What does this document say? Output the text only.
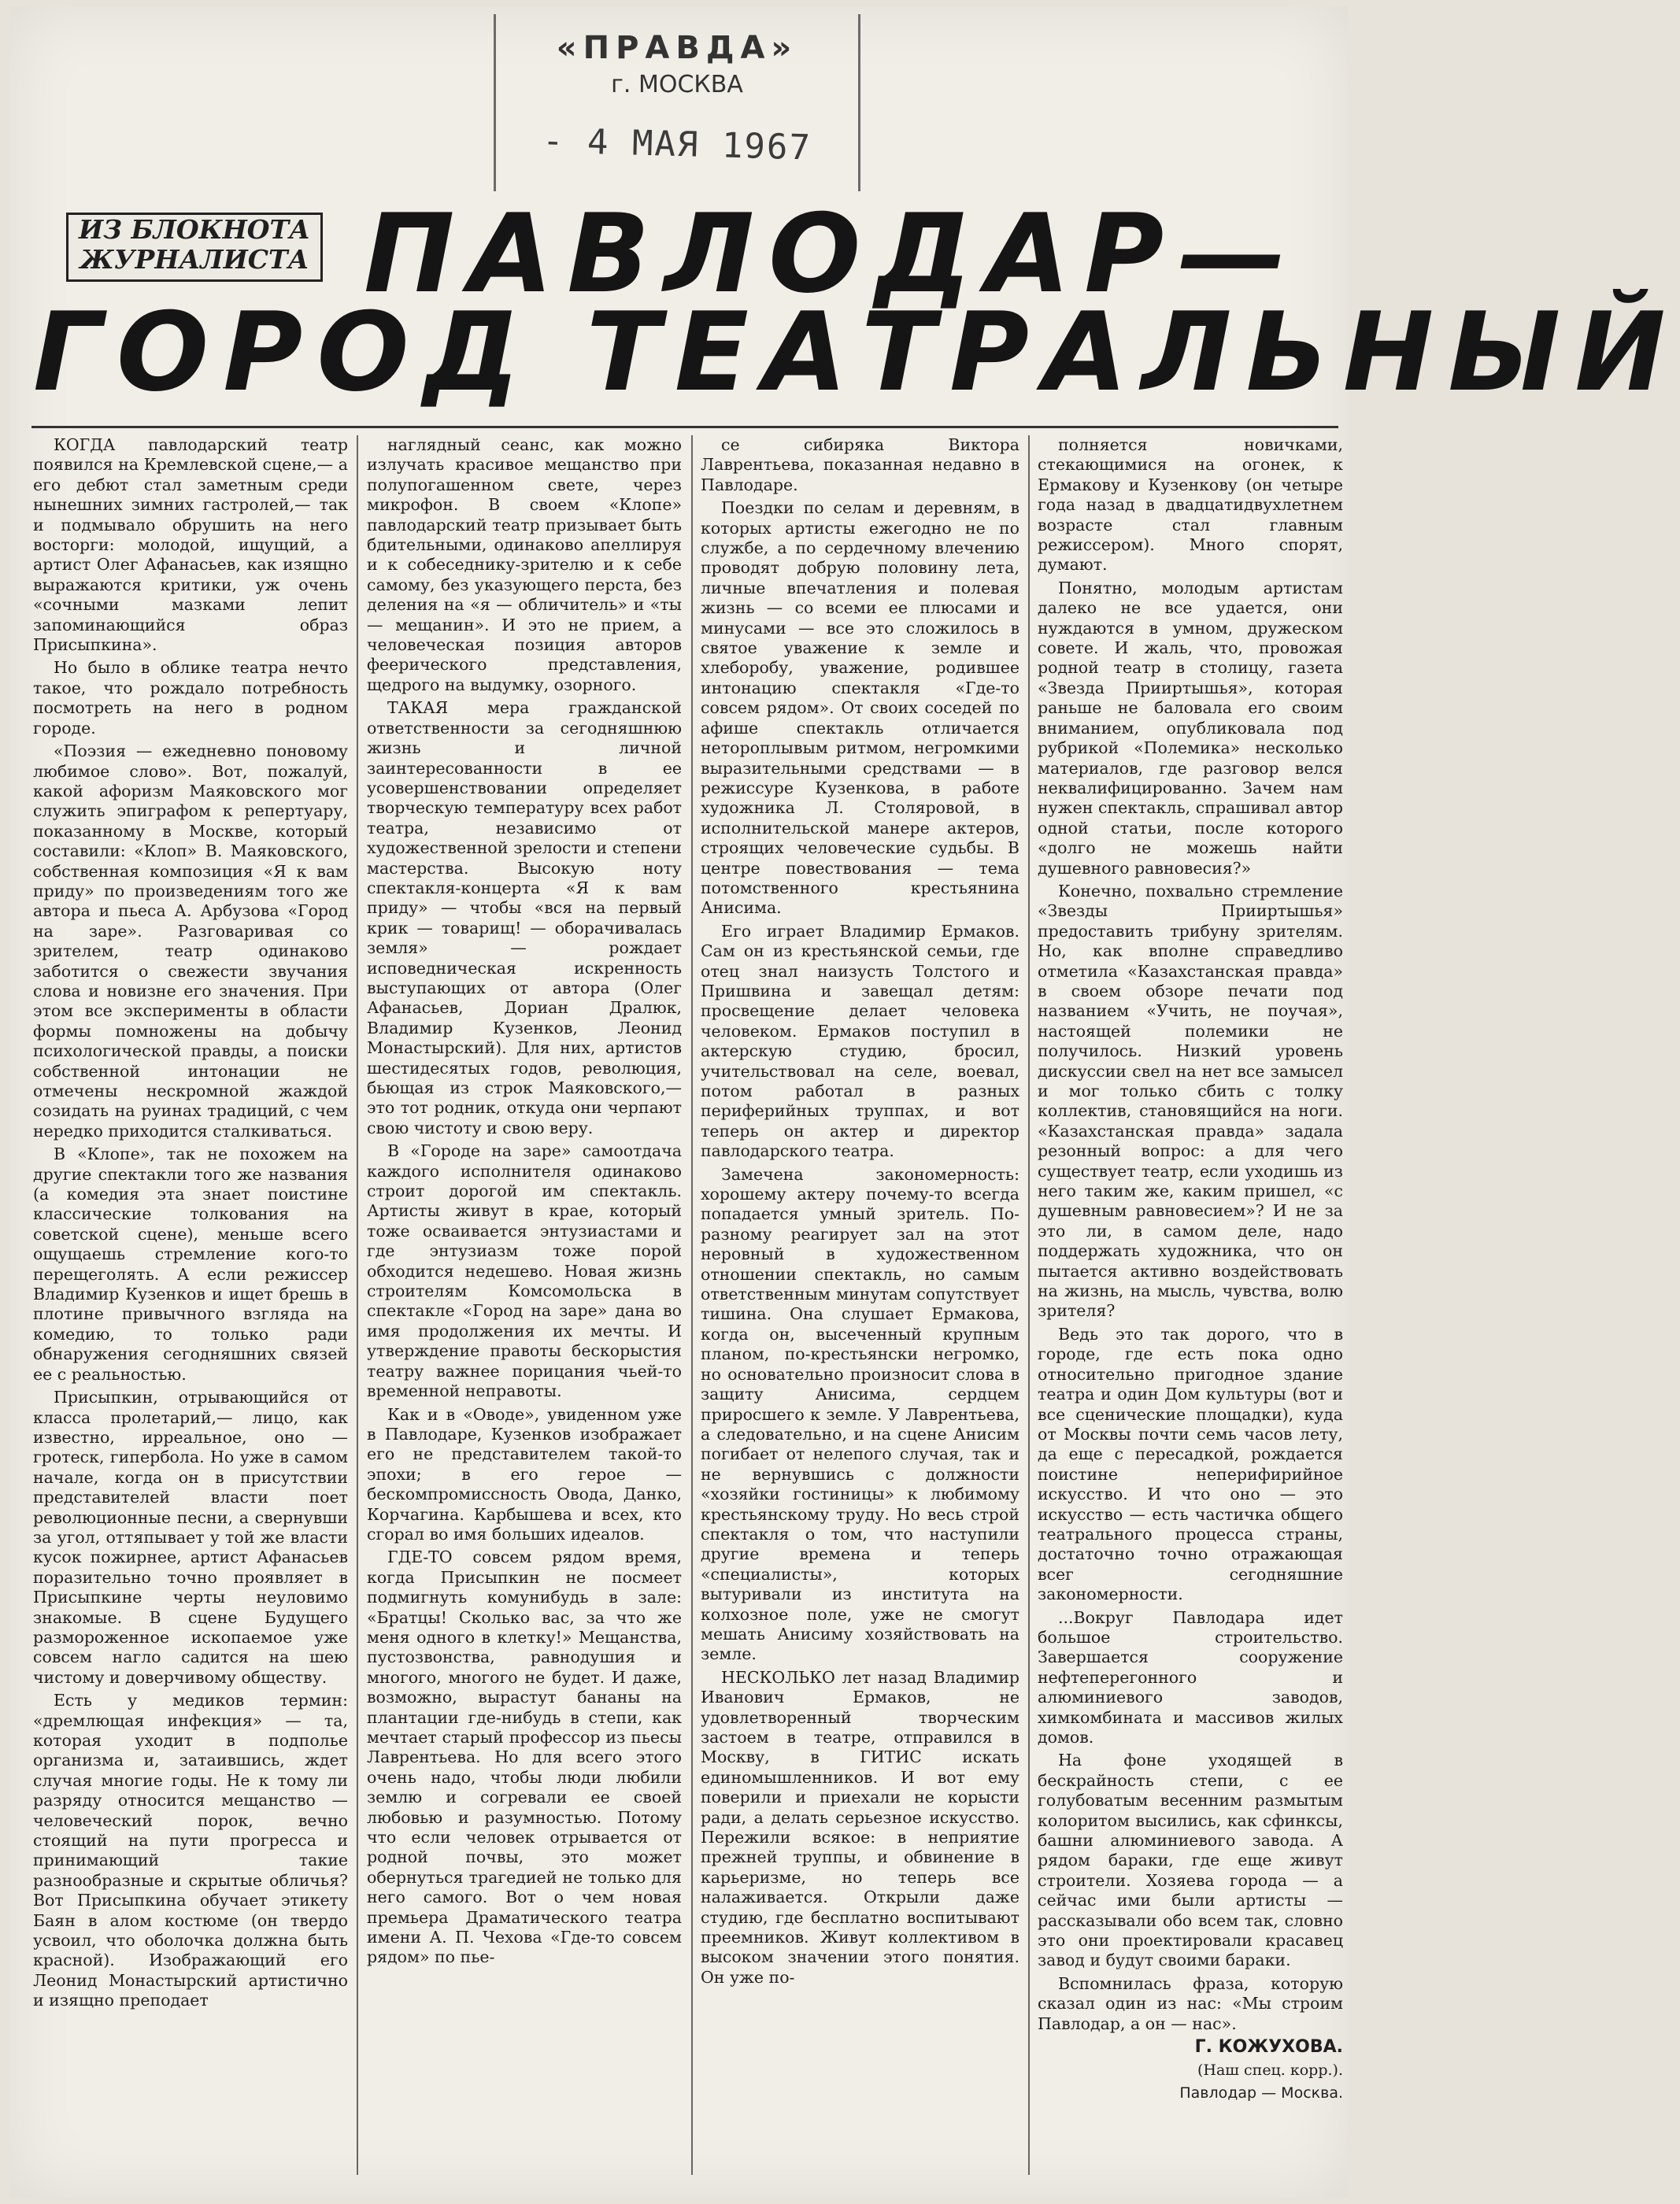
«ПРАВДА»
г. МОСКВА
- 4 МАЯ 1967
ИЗ БЛОКНОТА
ЖУРНАЛИСТА ПАВЛОДАР—
ГОРОД ТЕАТРАЛЬНЫЙ

КОГДА павлодарский театр появился на Кремлевской сцене,— а его дебют стал заметным среди нынешних зимних гастролей,— так и подмывало обрушить на него восторги: молодой, ищущий, а артист Олег Афанасьев, как изящно выражаются критики, уж очень «сочными мазками лепит запоминающийся образ Присыпкина».

Но было в облике театра нечто такое, что рождало потребность посмотреть на него в родном городе.

«Поэзия — ежедневно поновому любимое слово». Вот, пожалуй, какой афоризм Маяковского мог служить эпиграфом к репертуару, показанному в Москве, который составили: «Клоп» В. Маяковского, собственная композиция «Я к вам приду» по произведениям того же автора и пьеса А. Арбузова «Город на заре». Разговаривая со зрителем, театр одинаково заботится о свежести звучания слова и новизне его значения. При этом все эксперименты в области формы помножены на добычу психологической правды, а поиски собственной интонации не отмечены нескромной жаждой созидать на руинах традиций, с чем нередко приходится сталкиваться.

В «Клопе», так не похожем на другие спектакли того же названия (а комедия эта знает поистине классические толкования на советской сцене), меньше всего ощущаешь стремление кого-то перещеголять. А если режиссер Владимир Кузенков и ищет брешь в плотине привычного взгляда на комедию, то только ради обнаружения сегодняшних связей ее с реальностью.

Присыпкин, отрывающийся от класса пролетарий,— лицо, как известно, ирреальное, оно — гротеск, гипербола. Но уже в самом начале, когда он в присутствии представителей власти поет революционные песни, а свернувши за угол, оттяпывает у той же власти кусок пожирнее, артист Афанасьев поразительно точно проявляет в Присыпкине черты неуловимо знакомые. В сцене Будущего размороженное ископаемое уже совсем нагло садится на шею чистому и доверчивому обществу.

Есть у медиков термин: «дремлющая инфекция» — та, которая уходит в подполье организма и, затаившись, ждет случая многие годы. Не к тому ли разряду относится мещанство — человеческий порок, вечно стоящий на пути прогресса и принимающий такие разнообразные и скрытые обличья? Вот Присыпкина обучает этикету Баян в алом костюме (он твердо усвоил, что оболочка должна быть красной). Изображающий его Леонид Монастырский артистично и изящно преподает

наглядный сеанс, как можно излучать красивое мещанство при полупогашенном свете, через микрофон. В своем «Клопе» павлодарский театр призывает быть бдительными, одинаково апеллируя и к собеседнику-зрителю и к себе самому, без указующего перста, без деления на «я — обличитель» и «ты — мещанин». И это не прием, а человеческая позиция авторов феерического представления, щедрого на выдумку, озорного.

ТАКАЯ мера гражданской ответственности за сегодняшнюю жизнь и личной заинтересованности в ее усовершенствовании определяет творческую температуру всех работ театра, независимо от художественной зрелости и степени мастерства. Высокую ноту спектакля-концерта «Я к вам приду» — чтобы «вся на первый крик — товарищ! — оборачивалась земля» — рождает исповедническая искренность выступающих от автора (Олег Афанасьев, Дориан Дралюк, Владимир Кузенков, Леонид Монастырский). Для них, артистов шестидесятых годов, революция, бьющая из строк Маяковского,— это тот родник, откуда они черпают свою чистоту и свою веру.

В «Городе на заре» самоотдача каждого исполнителя одинаково строит дорогой им спектакль. Артисты живут в крае, который тоже осваивается энтузиастами и где энтузиазм тоже порой обходится недешево. Новая жизнь строителям Комсомольска в спектакле «Город на заре» дана во имя продолжения их мечты. И утверждение правоты бескорыстия театру важнее порицания чьей-то временной неправоты.

Как и в «Оводе», увиденном уже в Павлодаре, Кузенков изображает его не представителем такой-то эпохи; в его герое — бескомпромиссность Овода, Данко, Корчагина. Карбышева и всех, кто сгорал во имя больших идеалов.

ГДЕ-ТО совсем рядом время, когда Присыпкин не посмеет подмигнуть комунибудь в зале: «Братцы! Сколько вас, за что же меня одного в клетку!» Мещанства, пустозвонства, равнодушия и многого, многого не будет. И даже, возможно, вырастут бананы на плантации где-нибудь в степи, как мечтает старый профессор из пьесы Лаврентьева. Но для всего этого очень надо, чтобы люди любили землю и согревали ее своей любовью и разумностью. Потому что если человек отрывается от родной почвы, это может обернуться трагедией не только для него самого. Вот о чем новая премьера Драматического театра имени А. П. Чехова «Где-то совсем рядом» по пье-

се сибиряка Виктора Лаврентьева, показанная недавно в Павлодаре.

Поездки по селам и деревням, в которых артисты ежегодно не по службе, а по сердечному влечению проводят добрую половину лета, личные впечатления и полевая жизнь — со всеми ее плюсами и минусами — все это сложилось в святое уважение к земле и хлеборобу, уважение, родившее интонацию спектакля «Где-то совсем рядом». От своих соседей по афише спектакль отличается нетороплывым ритмом, негромкими выразительными средствами — в режиссуре Кузенкова, в работе художника Л. Столяровой, в исполнительской манере актеров, строящих человеческие судьбы. В центре повествования — тема потомственного крестьянина Анисима.

Его играет Владимир Ермаков. Сам он из крестьянской семьи, где отец знал наизусть Толстого и Пришвина и завещал детям: просвещение делает человека человеком. Ермаков поступил в актерскую студию, бросил, учительствовал на селе, воевал, потом работал в разных периферийных труппах, и вот теперь он актер и директор павлодарского театра.

Замечена закономерность: хорошему актеру почему-то всегда попадается умный зритель. По-разному реагирует зал на этот неровный в художественном отношении спектакль, но самым ответственным минутам сопутствует тишина. Она слушает Ермакова, когда он, высеченный крупным планом, по-крестьянски негромко, но основательно произносит слова в защиту Анисима, сердцем приросшего к земле. У Лаврентьева, а следовательно, и на сцене Анисим погибает от нелепого случая, так и не вернувшись с должности «хозяйки гостиницы» к любимому крестьянскому труду. Но весь строй спектакля о том, что наступили другие времена и теперь «специалисты», которых вытуривали из института на колхозное поле, уже не смогут мешать Анисиму хозяйствовать на земле.

НЕСКОЛЬКО лет назад Владимир Иванович Ермаков, не удовлетворенный творческим застоем в театре, отправился в Москву, в ГИТИС искать единомышленников. И вот ему поверили и приехали не корысти ради, а делать серьезное искусство. Пережили всякое: в неприятие прежней труппы, и обвинение в карьеризме, но теперь все налаживается. Открыли даже студию, где бесплатно воспитывают преемников. Живут коллективом в высоком значении этого понятия. Он уже по-

полняется новичками, стекающимися на огонек, к Ермакову и Кузенкову (он четыре года назад в двадцатидвухлетнем возрасте стал главным режиссером). Много спорят, думают.

Понятно, молодым артистам далеко не все удается, они нуждаются в умном, дружеском совете. И жаль, что, провожая родной театр в столицу, газета «Звезда Прииртышья», которая раньше не баловала его своим вниманием, опубликовала под рубрикой «Полемика» несколько материалов, где разговор велся неквалифицированно. Зачем нам нужен спектакль, спрашивал автор одной статьи, после которого «долго не можешь найти душевного равновесия?»

Конечно, похвально стремление «Звезды Прииртышья» предоставить трибуну зрителям. Но, как вполне справедливо отметила «Казахстанская правда» в своем обзоре печати под названием «Учить, не поучая», настоящей полемики не получилось. Низкий уровень дискуссии свел на нет все замысел и мог только сбить с толку коллектив, становящийся на ноги. «Казахстанская правда» задала резонный вопрос: а для чего существует театр, если уходишь из него таким же, каким пришел, «с душевным равновесием»? И не за это ли, в самом деле, надо поддержать художника, что он пытается активно воздействовать на жизнь, на мысль, чувства, волю зрителя?

Ведь это так дорого, что в городе, где есть пока одно относительно пригодное здание театра и один Дом культуры (вот и все сценические площадки), куда от Москвы почти семь часов лету, да еще с пересадкой, рождается поистине неперифирийное искусство. И что оно — это искусство — есть частичка общего театрального процесса страны, достаточно точно отражающая всег сегодняшние закономерности.

...Вокруг Павлодара идет большое строительство. Завершается сооружение нефтеперегонного и алюминиевого заводов, химкомбината и массивов жилых домов.

На фоне уходящей в бескрайность степи, с ее голубоватым весенним размытым колоритом высились, как сфинксы, башни алюминиевого завода. А рядом бараки, где еще живут строители. Хозяева города — а сейчас ими были артисты — рассказывали обо всем так, словно это они проектировали красавец завод и будут своими бараки.

Вспомнилась фраза, которую сказал один из нас: «Мы строим Павлодар, а он — нас».

Г. КОЖУХОВА.

(Наш спец. корр.).

Павлодар — Москва.
